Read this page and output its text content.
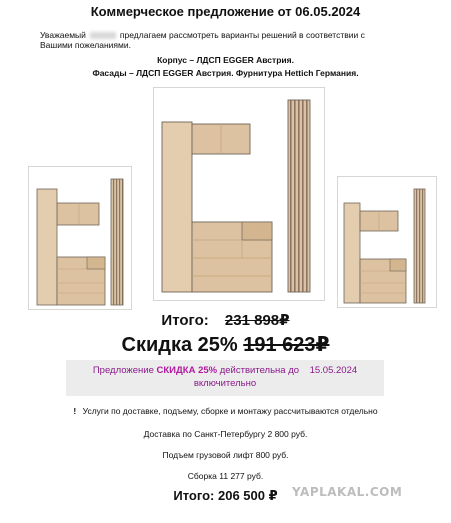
Коммерческое предложение от 06.05.2024
Уважаемый	предлагаем рассмотреть варианты решений в соответствии с
Вашими пожеланиями.
Корпус – ЛДСП EGGER Австрия.
Фасады – ЛДСП EGGER Австрия. Фурнитура Hettich Германия.
Итого: 231 898₽
Скидка 25% 191 623₽
Предложение СКИДКА 25% действительна до 15.05.2024
включительно
! Услуги по доставке, подъему, сборке и монтажу рассчитываются отдельно
Доставка по Санкт-Петербургу 2 800 руб.
Подъем грузовой лифт 800 руб.
Сборка 11 277 руб.
Итого: 206 500 ₽	YAPLAKAL.COM
